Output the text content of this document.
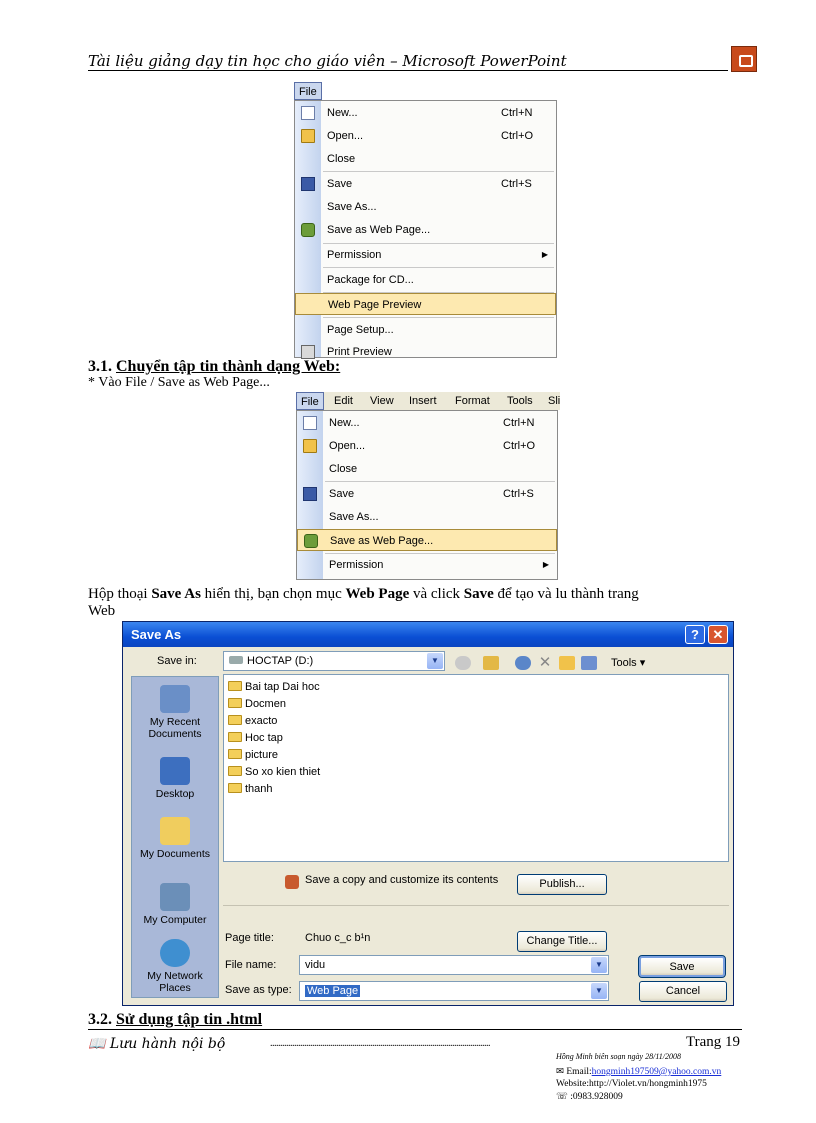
Tài liệu giảng dạy tin học cho giáo viên – Microsoft PowerPoint
File
New...	Ctrl+N
Open...	Ctrl+O
Close
Save	Ctrl+S
Save As...
Save as Web Page...
Permission	▶
Package for CD...
Web Page Preview
Page Setup...
Print Preview
3.1. Chuyển tập tin thành dạng Web:
* Vào File / Save as Web Page...
File	Edit View Insert Format Tools Sli
New...	Ctrl+N
Open...	Ctrl+O
Close
Save	Ctrl+S
Save As...
Save as Web Page...
Permission	▶
Hộp thoại Save As hiển thị, bạn chọn mục Web Page và click Save để tạo và lu thành trang
Web
Save As	?	✕
Save in:	HOCTAP (D:)	▼	✕	Tools ▾
My Recent Documents
Desktop
My Documents
My Computer
My Network Places
Bai tap Dai hoc
Docmen
exacto
Hoc tap
picture
So xo kien thiet
thanh
Save a copy and customize its contents	Publish...
Page title:	Chuo c_c b¹n	Change Title...
File name:	vidu	▼
Save as type:	Web Page	▼
Save
Cancel
3.2. Sử dụng tập tin .html
📖 Lưu hành nội bộ	..............................................................................................................	Trang 19
Hồng Minh biên soạn ngày 28/11/2008
✉ Email:hongminh197509@yahoo.com.vn
Website:http://Violet.vn/hongminh1975
☏ :0983.928009
